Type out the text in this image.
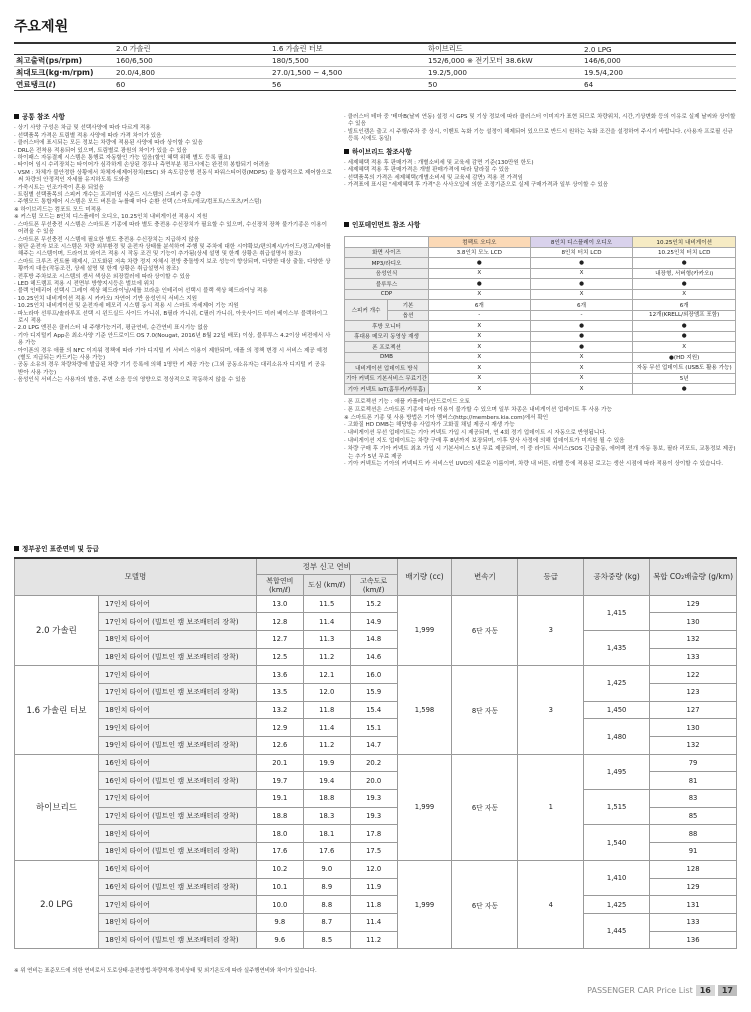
주요제원
	2.0 가솔린	1.6 가솔린 터보	하이브리드	2.0 LPG
최고출력(ps/rpm)	160/6,500	180/5,500	152/6,000 ※ 전기모터 38.6kW	146/6,000
최대토크(kg·m/rpm)	20.0/4,800	27.0/1,500 ~ 4,500	19.2/5,000	19.5/4,200
연료탱크(ℓ)	60	56	50	64
공통 참조 사항
· 상기 사양 구성은 차급 및 선택사양에 따라 다르게 적용
· 선택품목 가격은 트림별 적용 사양에 따라 가격 차이가 있음
· 클러스터에 표시되는 모든 정보는 차량에 적용된 사양에 따라 상이할 수 있음
· DRL은 전착용 적용되어 있으며, 트림별로 광원의 차이가 있을 수 있음
· 하이패스 자동결제 시스템은 통행료 자동할인 가능 입음(할인 혜택 위해 별도 등록 필요)
· 타이어 임시 수리장치는 타이어가 심각하게 손상된 경우나 측면부분 펑크시에는 완전히 봉합되기 어려움
· VSM : 차체가 불안정한 상황에서 차체자세제어장치(ESC) 와 속도감응형 전동식 파워스티어링(MDPS) 을 통합적으로 제어함으로써 차량의 안정적인 자세를 유지하도록 도와줌
· 가죽시트는 인조가죽이 혼용 되었음
· 트림별 선택품목의 스피커 개수는 프리미엄 사운드 시스템의 스피커 총 수량
· 주행모드 통합제어 시스템은 모드 버튼을 누를때 마다 순환 선택 (스마트/에코/컴포트/스포츠/커스텀)
※ 하이브리드는 컴포트 모드 미적용
※ 커스텀 모드는 8인치 디스플레이 오디오, 10.25인치 내비게이션 적용시 지원
· 스마트폰 무선충전 시스템은 스마트폰 기종에 따라 별도 충전용 수신장치가 필요할 수 있으며, 수신장치 장착 불가기종은 이용이 어려울 수 있음
· 스마트폰 무선충전 시스템에 필요한 별도 충전용 수신장치는 지급하지 않음
· 첨단 운전자 보조 시스템은 차량 외부환경 및 운전자 상태를 분석하여 주행 및 주차에 대한 시야확보/편의제시/가이드/경고/제어를 해주는 시스템이며, 드라이브 와이즈 적용 시 작동 조건 및 기능이 추가됨(상세 설명 및 한계 상황은 취급설명서 참조)
· 스마트 크루즈 컨트롤 해제시, 고도화된 저속 차량 정지 자체시 전방 충돌방지 보조 성능이 향상되며, 다양한 대상 출돌, 다양한 상황까지 대응(작동조건, 상세 설명 및 한계 상황은 취급설명서 참조)
· 전후방 주차보조 시스템의 센서 색상은 외장컬러에 따라 상이할 수 있음
· LED 헤드램프 적용 시 전면부 방향지시등은 벌브에 위치
· 블랙 인테리어 선택시 그레이 색상 헤드라이닝/세틀 브라운 인테리어 선택시 블랙 색상 헤드라이닝 적용
· 10.25인치 내비게이션 적용 시 카카오i 자연어 기반 음성인식 서비스 지원
· 10.25인치 내비게이션 및 운전자세 메모리 시스템 동시 적용 시 스마트 자세제어 기능 지원
· 파노라마 선루프/솔라루프 선택 시 윈드실드 사이드 가니쉬, B필라 가니쉬, C필러 가니쉬, 아웃사이드 미러 베이스부 블랙하이그로시 적용
· 2.0 LPG 엔진은 클러스터 내 주행가능거리, 평균연비, 순간연비 표시기능 없음
· 기아 디지털키 App은 최소사양 기준 안드로이드 OS 7.0(Nougat, 2016년 8월 22일 배포) 이상, 블루투스 4.2이상 버전에서 사용 가능
· 아이폰의 경우 애플 의 NFC 이지워 정책에 따라 기아 디지털 키 서비스 이용이 제한되며, 애플 의 정책 변경 시 서비스 제공 예정(별도 지급되는 카드키는 사용 가능)
· 공동 소유의 경우 차량차량에 발급된 차량 기기 등록에 의해 1명만 키 제공 가능 (그외 공동소유자는 대리소유자 디지털 키 공유 받아 사용 가능)
· 음성인식 서비스는 사용자의 발음, 주변 소음 등의 영향으로 정상적으로 작동하지 않을 수 있음
· 클러스터 테마 중 '테마B(날씨 연동) 설정 시 GPS 및 기상 정보에 따라 클러스터 이미지가 표현 되므로 차량위치, 시간,기상변화 등의 이유로 실제 날씨와 상이할 수 있음
· 빌트인캠은 출고 시 주행/주차 중 상시, 이벤트 녹화 기능 설정이 해제되어 있으므로 반드시 원하는 녹화 조건을 설정하여 주시기 바랍니다. (사용자 프로필 신규 등록 시에도 동일)
하이브리드 참조사항
· 세제혜택 적용 후 판매가격 : 개별소비세 및 교육세 감면 기준(130만원 한도)
· 세제혜택 적용 후 판매가격은 개별 판매가격에 따라 달라질 수 있음
· 선택품목의 가격은 세제혜택(개별소비세 및 교육세 감면) 적용 전 가격임
· 가격표에 표시된 "세제혜택 후 가격"은 사사오입에 의한 조정기준으로 실제 구매가격과 일부 상이할 수 있음
인포테인먼트 참조 사항
		컴팩트 오디오	8인치 디스플레이 오디오	10.25인치 내비게이션
화면 사이즈		3.8인치 모노 LCD	8인치 터치 LCD	10.25인치 터치 LCD
MP3/라디오		●	●	●
음성인식		X	X	내장형, 서버형(카카오i)
블루투스		●	●	●
CDP		X	X	X
스피커 개수	기본	6개	6개	6개
	옵션	-	-	12개(KRELL/외장앰프 포함)
후방 모니터		X	●	●
휴대용 메모리 동영상 재생		X	●	●
폰 프로젝션		X	●	X
DMB		X	X	●(HD 지원)
내비게이션 업데이트 방식		X	X	자동 무선 업데이트 (USB도 활용 가능)
기아 커넥트 기본서비스 무료기간		X	X	5년
기아 커넥트 IoT(홈투카/카투홈)		X	X	●
· 폰 프로젝션 기능 : 애플 카플레이/안드로이드 오토
· 폰 프로젝션은 스마트폰 기종에 따라 이용이 불가할 수 있으며 일부 차종은 내비게이션 업데이트 후 사용 가능
※ 스마트폰 기종 및 사용 방법은 기아 멤버스(http://members.kia.com)에서 확인
· 고화질 HD DMB는 해당방송 사업자가 고화질 채널 제공시 재생 가능
· 내비게이션 무선 업데이트는 기아 커넥트 가입 시 제공되며, 연 4회 정기 업데이트 시 자동으로 반영됩니다.
· 내비게이션 지도 업데이트는 차량 구매 후 8년까지 보장되며, 이후 당사 사정에 의해 업데이트가 미지원 될 수 있음
· 차량 구매 후 기아 커넥트 최초 가입 시 기본서비스 5년 무료 제공되며, 이 중 라이트 서비스(SOS 긴급출동, 에어백 전개 자동 통보, 필라 리포트, 교통정보 제공)는 추가 5년 무료 제공
· 기아 커넥트는 기아의 커넥티드 카 서비스인 UVO의 새로운 이름이며, 차량 내 버튼, 라벨 등에 적용된 로고는 생산 시점에 따라 적용이 상이할 수 있습니다.
정부공인 표준연비 및 등급
모델명		정부 신고 연비			배기량 (cc)	변속기	등급	공차중량 (kg)	복합 CO₂배출량 (g/km)
		복합연비 (km/ℓ)	도심 (km/ℓ)	고속도로 (km/ℓ)					
2.0 가솔린	17인치 타이어	13.0	11.5	15.2	1,999	6단 자동	3	1,415	129
	17인치 타이어 (빌트인 캠 보조배터리 장착)	12.8	11.4	14.9					130
	18인치 타이어	12.7	11.3	14.8				1,435	132
	18인치 타이어 (빌트인 캠 보조배터리 장착)	12.5	11.2	14.6					133
1.6 가솔린 터보	17인치 타이어	13.6	12.1	16.0	1,598	8단 자동	3	1,425	122
	17인치 타이어 (빌트인 캠 보조배터리 장착)	13.5	12.0	15.9					123
	18인치 타이어	13.2	11.8	15.4				1,450	127
	19인치 타이어	12.9	11.4	15.1				1,480	130
	19인치 타이어 (빌트인 캠 보조배터리 장착)	12.6	11.2	14.7					132
하이브리드	16인치 타이어	20.1	19.9	20.2	1,999	6단 자동	1	1,495	79
	16인치 타이어 (빌트인 캠 보조배터리 장착)	19.7	19.4	20.0					81
	17인치 타이어	19.1	18.8	19.3				1,515	83
	17인치 타이어 (빌트인 캠 보조배터리 장착)	18.8	18.3	19.3					85
	18인치 타이어	18.0	18.1	17.8				1,540	88
	18인치 타이어 (빌트인 캠 보조배터리 장착)	17.6	17.6	17.5					91
2.0 LPG	16인치 타이어	10.2	9.0	12.0	1,999	6단 자동	4	1,410	128
	16인치 타이어 (빌트인 캠 보조배터리 장착)	10.1	8.9	11.9					129
	17인치 타이어	10.0	8.8	11.8				1,425	131
	18인치 타이어	9.8	8.7	11.4				1,445	133
	18인치 타이어 (빌트인 캠 보조배터리 장착)	9.6	8.5	11.2					136
※ 위 연비는 표준모드에 의한 연비로서 도로상태·운전방법·차량적재·정비상태 및 외기온도에 따라 실주행연비와 차이가 있습니다.
PASSENGER CAR Price List 16	17
